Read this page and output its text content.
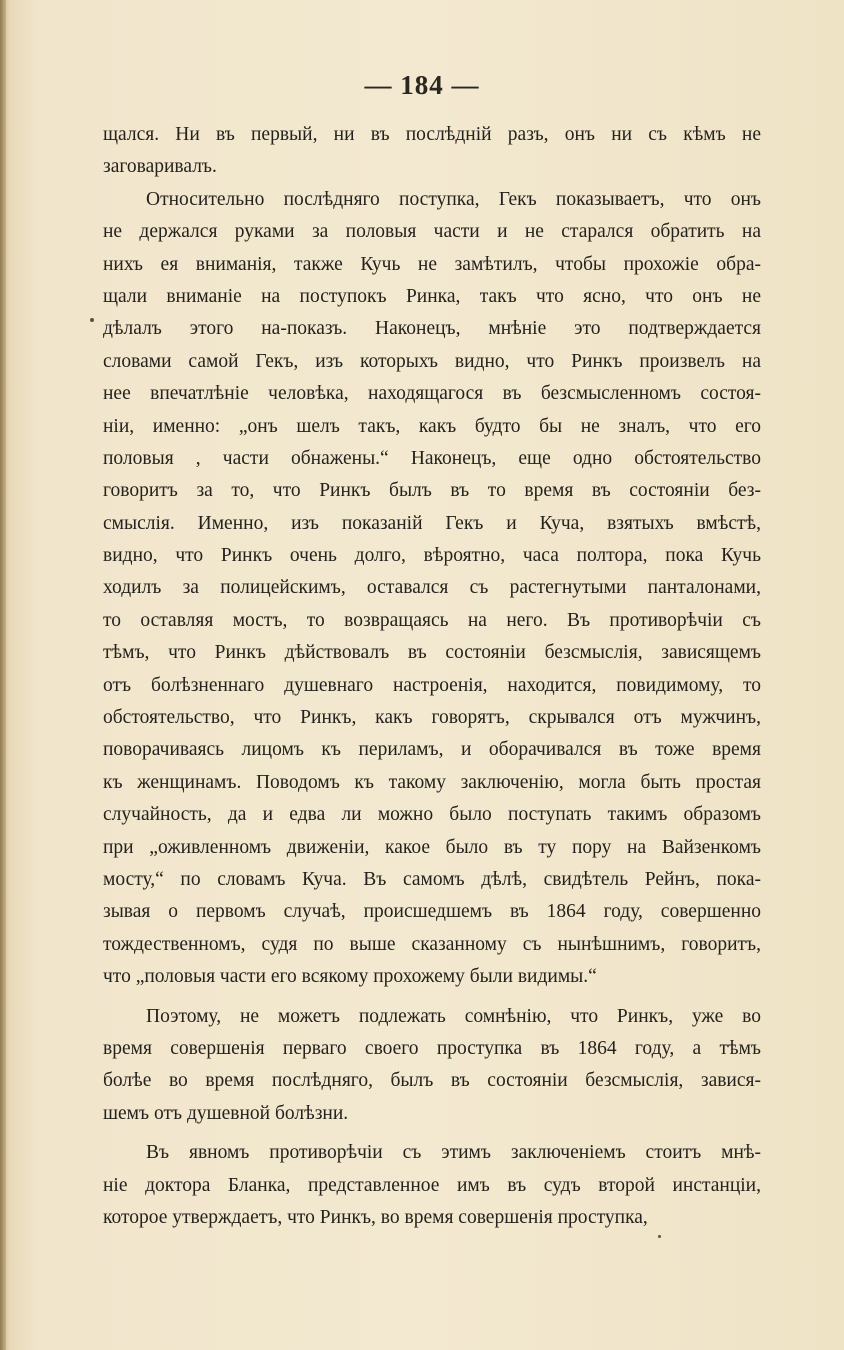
— 184 —
щался. Ни въ первый, ни въ послѣдній разъ, онъ ни съ кѣмъ не
заговаривалъ.
Относительно послѣдняго поступка, Гекъ показываетъ, что онъ
не держался руками за половыя части и не старался обратить на
нихъ ея вниманія, также Кучь не замѣтилъ, чтобы прохожіе обра-
щали вниманіе на поступокъ Ринка, такъ что ясно, что онъ не
дѣлалъ этого на-показъ. Наконецъ, мнѣніе это подтверждается
словами самой Гекъ, изъ которыхъ видно, что Ринкъ произвелъ на
нее впечатлѣніе человѣка, находящагося въ безсмысленномъ состоя-
ніи, именно: „онъ шелъ такъ, какъ будто бы не зналъ, что его
половыя , части обнажены.“ Наконецъ, еще одно обстоятельство
говоритъ за то, что Ринкъ былъ въ то время въ состояніи без-
смыслія. Именно, изъ показаній Гекъ и Куча, взятыхъ вмѣстѣ,
видно, что Ринкъ очень долго, вѣроятно, часа полтора, пока Кучь
ходилъ за полицейскимъ, оставался съ растегнутыми панталонами,
то оставляя мостъ, то возвращаясь на него. Въ противорѣчіи съ
тѣмъ, что Ринкъ дѣйствовалъ въ состояніи безсмыслія, зависящемъ
отъ болѣзненнаго душевнаго настроенія, находится, повидимому, то
обстоятельство, что Ринкъ, какъ говорятъ, скрывался отъ мужчинъ,
поворачиваясь лицомъ къ периламъ, и оборачивался въ тоже время
къ женщинамъ. Поводомъ къ такому заключенію, могла быть простая
случайность, да и едва ли можно было поступать такимъ образомъ
при „оживленномъ движеніи, какое было въ ту пору на Вайзенкомъ
мосту,“ по словамъ Куча. Въ самомъ дѣлѣ, свидѣтель Рейнъ, пока-
зывая о первомъ случаѣ, происшедшемъ въ 1864 году, совершенно
тождественномъ, судя по выше сказанному съ нынѣшнимъ, говоритъ,
что „половыя части его всякому прохожему были видимы.“
Поэтому, не можетъ подлежать сомнѣнію, что Ринкъ, уже во
время совершенія перваго своего проступка въ 1864 году, а тѣмъ
болѣе во время послѣдняго, былъ въ состояніи безсмыслія, завися-
шемъ отъ душевной болѣзни.
Въ явномъ противорѣчіи съ этимъ заключеніемъ стоитъ мнѣ-
ніе доктора Бланка, представленное имъ въ судъ второй инстанціи,
которое утверждаетъ, что Ринкъ, во время совершенія проступка,
